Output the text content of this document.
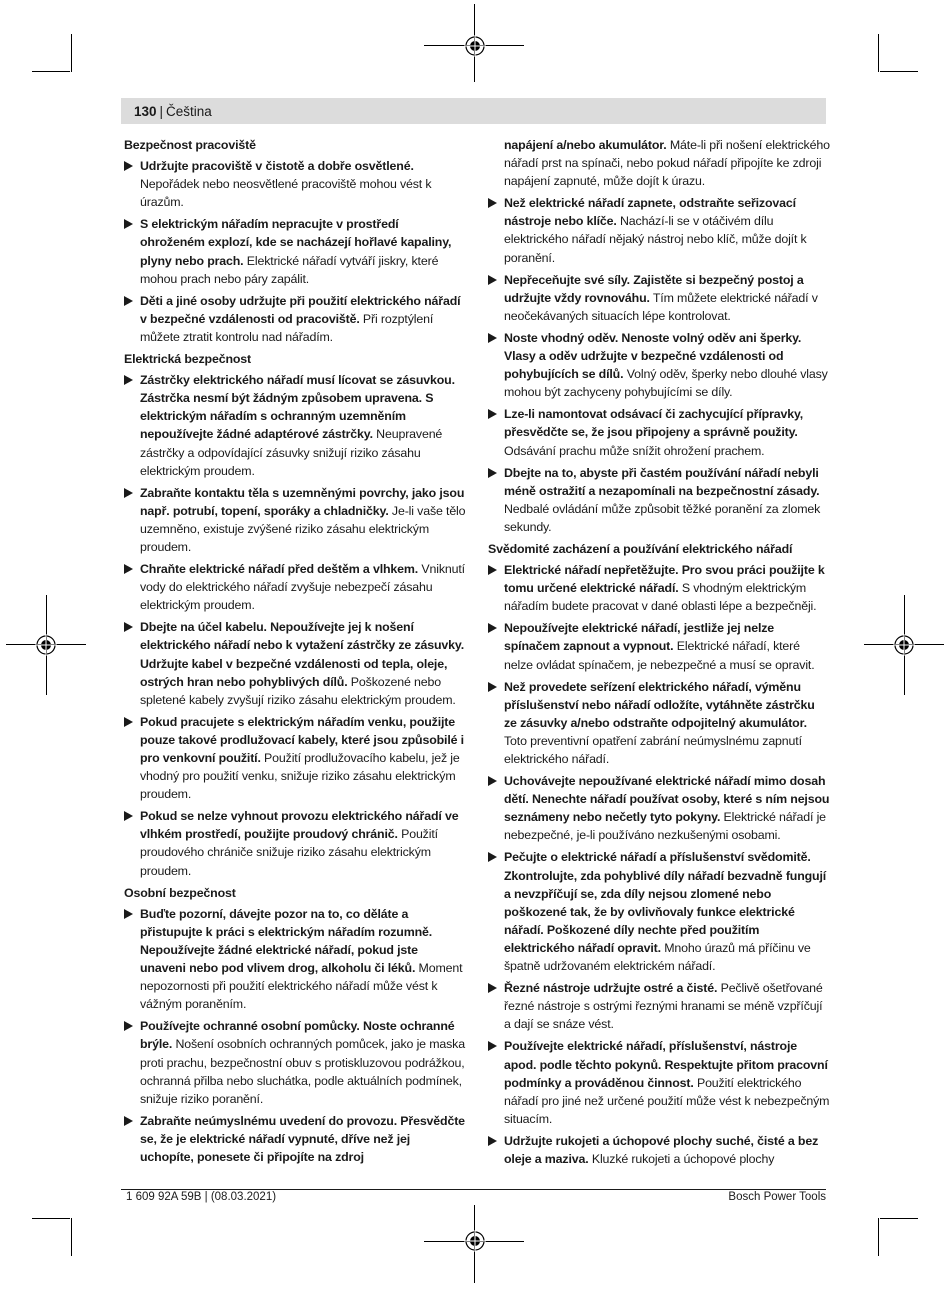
130 | Čeština
Bezpečnost pracoviště
Udržujte pracoviště v čistotě a dobře osvětlené. Nepořádek nebo neosvětlené pracoviště mohou vést k úrazům.
S elektrickým nářadím nepracujte v prostředí ohroženém explozí, kde se nacházejí hořlavé kapaliny, plyny nebo prach. Elektrické nářadí vytváří jiskry, které mohou prach nebo páry zapálit.
Děti a jiné osoby udržujte při použití elektrického nářadí v bezpečné vzdálenosti od pracoviště. Při rozptýlení můžete ztratit kontrolu nad nářadím.
Elektrická bezpečnost
Zástrčky elektrického nářadí musí lícovat se zásuvkou. Zástrčka nesmí být žádným způsobem upravena. S elektrickým nářadím s ochranným uzemněním nepoužívejte žádné adaptérové zástrčky. Neupravené zástrčky a odpovídající zásuvky snižují riziko zásahu elektrickým proudem.
Zabraňte kontaktu těla s uzemněnými povrchy, jako jsou např. potrubí, topení, sporáky a chladničky. Je-li vaše tělo uzemněno, existuje zvýšené riziko zásahu elektrickým proudem.
Chraňte elektrické nářadí před deštěm a vlhkem. Vniknutí vody do elektrického nářadí zvyšuje nebezpečí zásahu elektrickým proudem.
Dbejte na účel kabelu. Nepoužívejte jej k nošení elektrického nářadí nebo k vytažení zástrčky ze zásuvky. Udržujte kabel v bezpečné vzdálenosti od tepla, oleje, ostrých hran nebo pohyblivých dílů. Poškozené nebo spletené kabely zvyšují riziko zásahu elektrickým proudem.
Pokud pracujete s elektrickým nářadím venku, použijte pouze takové prodlužovací kabely, které jsou způsobilé i pro venkovní použití. Použití prodlužovacího kabelu, jež je vhodný pro použití venku, snižuje riziko zásahu elektrickým proudem.
Pokud se nelze vyhnout provozu elektrického nářadí ve vlhkém prostředí, použijte proudový chránič. Použití proudového chrániče snižuje riziko zásahu elektrickým proudem.
Osobní bezpečnost
Buďte pozorní, dávejte pozor na to, co děláte a přistupujte k práci s elektrickým nářadím rozumně. Nepoužívejte žádné elektrické nářadí, pokud jste unaveni nebo pod vlivem drog, alkoholu či léků. Moment nepozornosti při použití elektrického nářadí může vést k vážným poraněním.
Používejte ochranné osobní pomůcky. Noste ochranné brýle. Nošení osobních ochranných pomůcek, jako je maska proti prachu, bezpečnostní obuv s protiskluzovou podrážkou, ochranná přilba nebo sluchátka, podle aktuálních podmínek, snižuje riziko poranění.
Zabraňte neúmyslnému uvedení do provozu. Přesvědčte se, že je elektrické nářadí vypnuté, dříve než jej uchopíte, ponesete či připojíte na zdroj
napájení a/nebo akumulátor. Máte-li při nošení elektrického nářadí prst na spínači, nebo pokud nářadí připojíte ke zdroji napájení zapnuté, může dojít k úrazu.
Než elektrické nářadí zapnete, odstraňte seřizovací nástroje nebo klíče. Nachází-li se v otáčivém dílu elektrického nářadí nějaký nástroj nebo klíč, může dojít k poranění.
Nepřeceňujte své síly. Zajistěte si bezpečný postoj a udržujte vždy rovnováhu. Tím můžete elektrické nářadí v neočekávaných situacích lépe kontrolovat.
Noste vhodný oděv. Nenoste volný oděv ani šperky. Vlasy a oděv udržujte v bezpečné vzdálenosti od pohybujících se dílů. Volný oděv, šperky nebo dlouhé vlasy mohou být zachyceny pohybujícími se díly.
Lze-li namontovat odsávací či zachycující přípravky, přesvědčte se, že jsou připojeny a správně použity. Odsávání prachu může snížit ohrožení prachem.
Dbejte na to, abyste při častém používání nářadí nebyli méně ostražití a nezapomínali na bezpečnostní zásady. Nedbalé ovládání může způsobit těžké poranění za zlomek sekundy.
Svědomité zacházení a používání elektrického nářadí
Elektrické nářadí nepřetěžujte. Pro svou práci použijte k tomu určené elektrické nářadí. S vhodným elektrickým nářadím budete pracovat v dané oblasti lépe a bezpečněji.
Nepoužívejte elektrické nářadí, jestliže jej nelze spínačem zapnout a vypnout. Elektrické nářadí, které nelze ovládat spínačem, je nebezpečné a musí se opravit.
Než provedete seřízení elektrického nářadí, výměnu příslušenství nebo nářadí odložíte, vytáhněte zástrčku ze zásuvky a/nebo odstraňte odpojitelný akumulátor. Toto preventivní opatření zabrání neúmyslnému zapnutí elektrického nářadí.
Uchovávejte nepoužívané elektrické nářadí mimo dosah dětí. Nenechte nářadí používat osoby, které s ním nejsou seznámeny nebo nečetly tyto pokyny. Elektrické nářadí je nebezpečné, je-li používáno nezkušenými osobami.
Pečujte o elektrické nářadí a příslušenství svědomitě. Zkontrolujte, zda pohyblivé díly nářadí bezvadně fungují a nevzpříčují se, zda díly nejsou zlomené nebo poškozené tak, že by ovlivňovaly funkce elektrické nářadí. Poškozené díly nechte před použitím elektrického nářadí opravit. Mnoho úrazů má příčinu ve špatně udržovaném elektrickém nářadí.
Řezné nástroje udržujte ostré a čisté. Pečlivě ošetřované řezné nástroje s ostrými řeznými hranami se méně vzpříčují a dají se snáze vést.
Používejte elektrické nářadí, příslušenství, nástroje apod. podle těchto pokynů. Respektujte přitom pracovní podmínky a prováděnou činnost. Použití elektrického nářadí pro jiné než určené použití může vést k nebezpečným situacím.
Udržujte rukojeti a úchopové plochy suché, čisté a bez oleje a maziva. Kluzké rukojeti a úchopové plochy
1 609 92A 59B | (08.03.2021)	Bosch Power Tools
